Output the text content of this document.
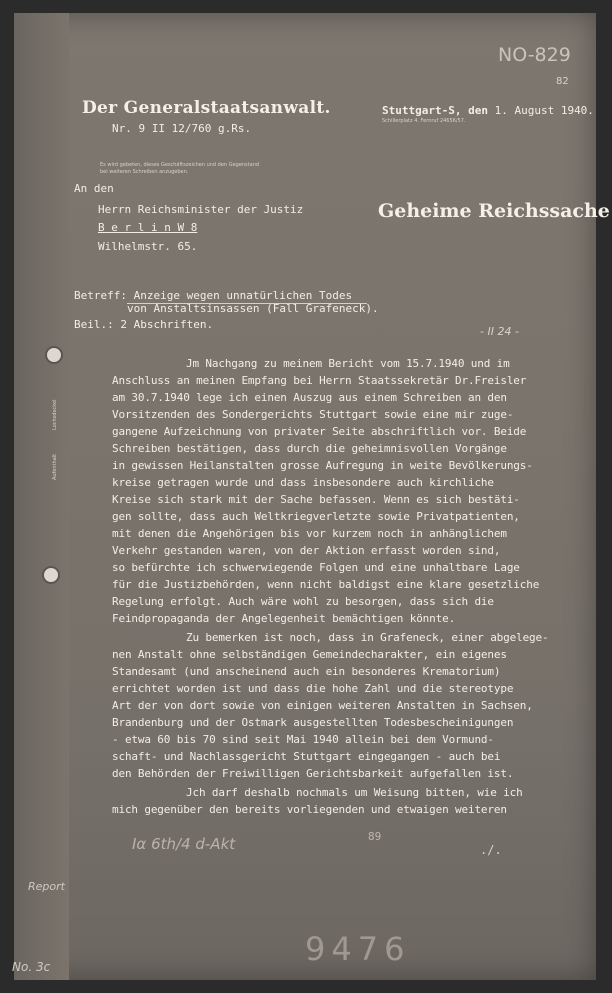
Lochsdeckel
Aufenthalt
NO-829
82
Der Generalstaatsanwalt.
Nr. 9 II 12/760 g.Rs.
Es wird gebeten, dieses Geschäftszeichen und den Gegenstand bei weiteren Schreiben anzugeben.
Stuttgart-S, den 1. August 1940.
Schillerplatz 4. Fernruf 24656/57.
Geheime Reichssache
An den
Herrn Reichsminister der Justiz
B e r l i n W 8
Wilhelmstr. 65.
Betreff: Anzeige wegen unnatürlichen Todes
von Anstaltsinsassen (Fall Grafeneck).
Beil.: 2 Abschriften.
- II 24 -
Jm Nachgang zu meinem Bericht vom 15.7.1940 und im
Anschluss an meinen Empfang bei Herrn Staatssekretär Dr.Freisler
am 30.7.1940 lege ich einen Auszug aus einem Schreiben an den
Vorsitzenden des Sondergerichts Stuttgart sowie eine mir zuge-
gangene Aufzeichnung von privater Seite abschriftlich vor. Beide
Schreiben bestätigen, dass durch die geheimnisvollen Vorgänge
in gewissen Heilanstalten grosse Aufregung in weite Bevölkerungs-
kreise getragen wurde und dass insbesondere auch kirchliche
Kreise sich stark mit der Sache befassen. Wenn es sich bestäti-
gen sollte, dass auch Weltkriegverletzte sowie Privatpatienten,
mit denen die Angehörigen bis vor kurzem noch in anhänglichem
Verkehr gestanden waren, von der Aktion erfasst worden sind,
so befürchte ich schwerwiegende Folgen und eine unhaltbare Lage
für die Justizbehörden, wenn nicht baldigst eine klare gesetzliche
Regelung erfolgt. Auch wäre wohl zu besorgen, dass sich die
Feindpropaganda der Angelegenheit bemächtigen könnte.
Zu bemerken ist noch, dass in Grafeneck, einer abgelege-
nen Anstalt ohne selbständigen Gemeindecharakter, ein eigenes
Standesamt (und anscheinend auch ein besonderes Krematorium)
errichtet worden ist und dass die hohe Zahl und die stereotype
Art der von dort sowie von einigen weiteren Anstalten in Sachsen,
Brandenburg und der Ostmark ausgestellten Todesbescheinigungen
- etwa 60 bis 70 sind seit Mai 1940 allein bei dem Vormund-
schaft- und Nachlassgericht Stuttgart eingegangen - auch bei
den Behörden der Freiwilligen Gerichtsbarkeit aufgefallen ist.
Jch darf deshalb nochmals um Weisung bitten, wie ich
mich gegenüber den bereits vorliegenden und etwaigen weiteren
89
Iα 6th/4 d-Akt	./.
Report
No. 3c	9476
